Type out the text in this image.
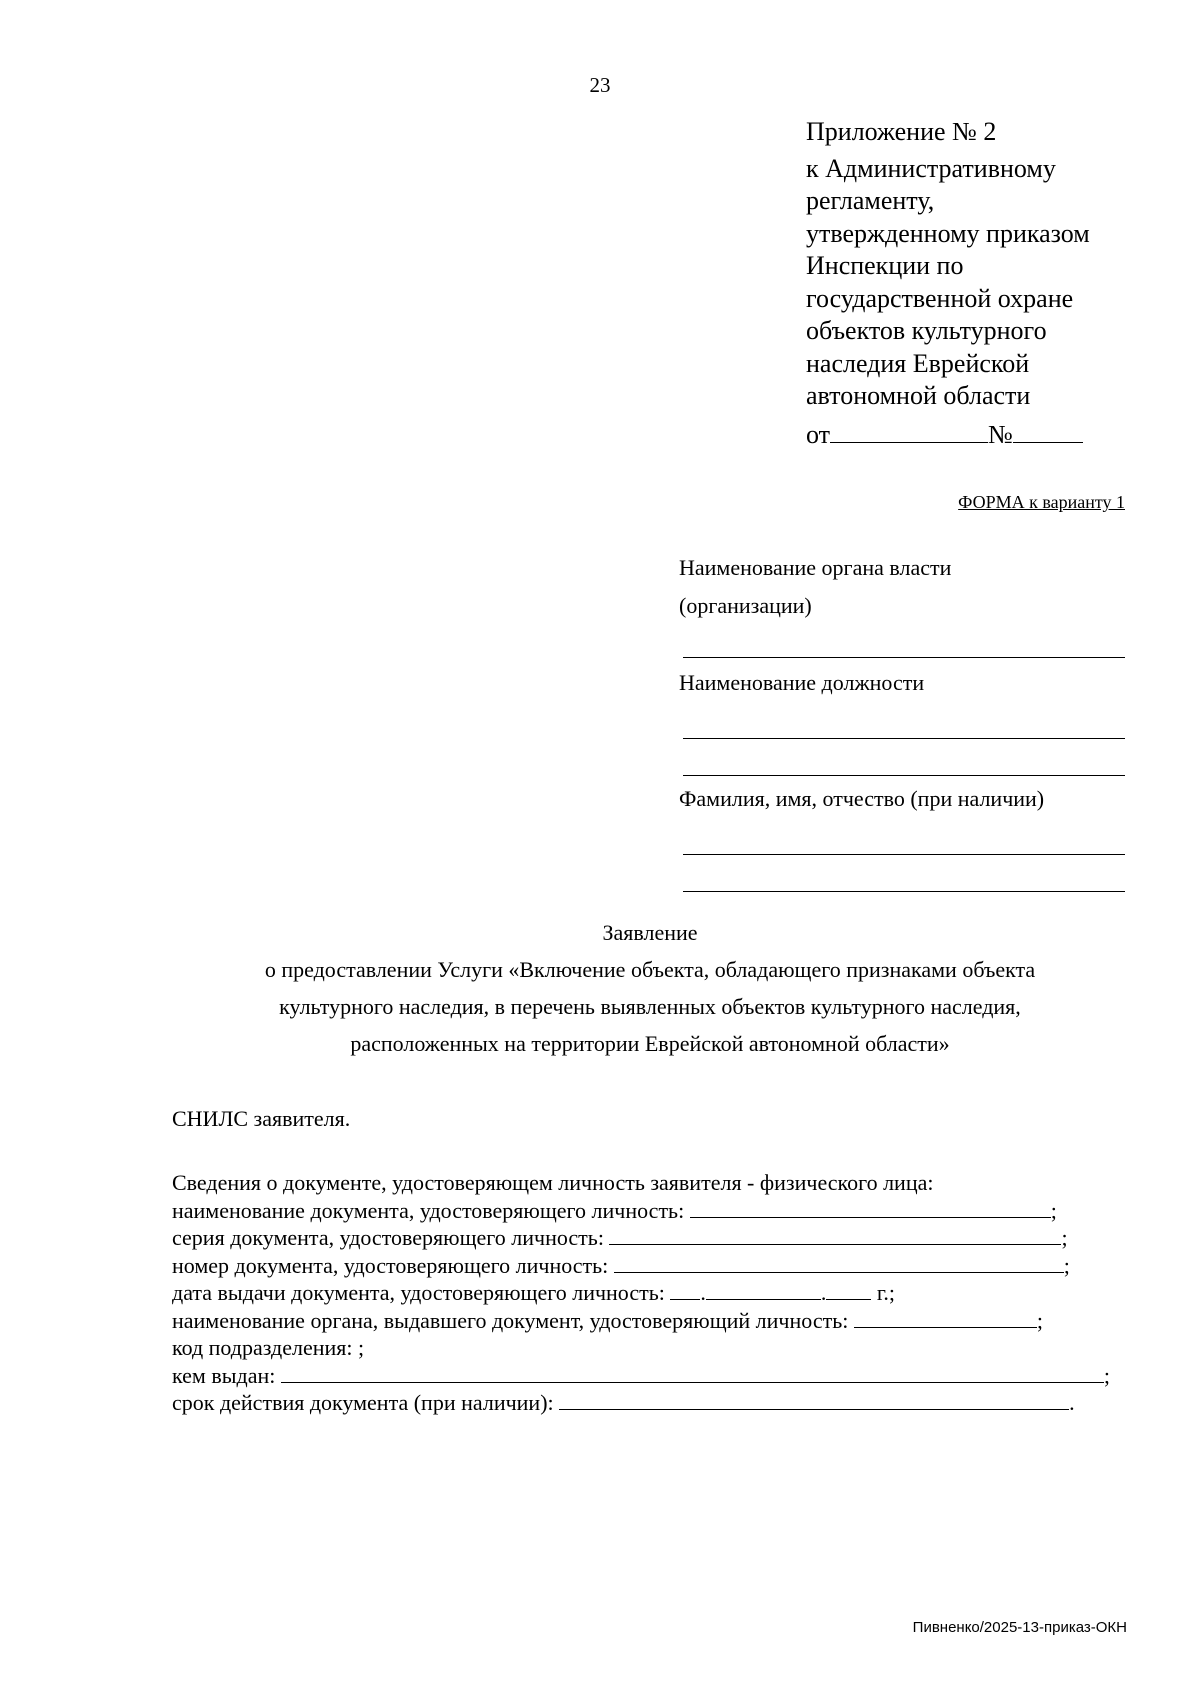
23
Приложение № 2
к Административному
регламенту,
утвержденному приказом
Инспекции по
государственной охране
объектов культурного
наследия Еврейской
автономной области
от	№
ФОРМА к варианту 1
Наименование органа власти
(организации)
Наименование должности
Фамилия, имя, отчество (при наличии)
Заявление
о предоставлении Услуги «Включение объекта, обладающего признаками объекта
культурного наследия, в перечень выявленных объектов культурного наследия,
расположенных на территории Еврейской автономной области»
СНИЛС заявителя.
Сведения о документе, удостоверяющем личность заявителя - физического лица:
наименование документа, удостоверяющего личность:	;
серия документа, удостоверяющего личность:	;
номер документа, удостоверяющего личность:	;
дата выдачи документа, удостоверяющего личность: .	. г.;
наименование органа, выдавшего документ, удостоверяющий личность:	;
код подразделения: ;
кем выдан:	;
срок действия документа (при наличии):	.
Пивненко/2025-13-приказ-ОКН
